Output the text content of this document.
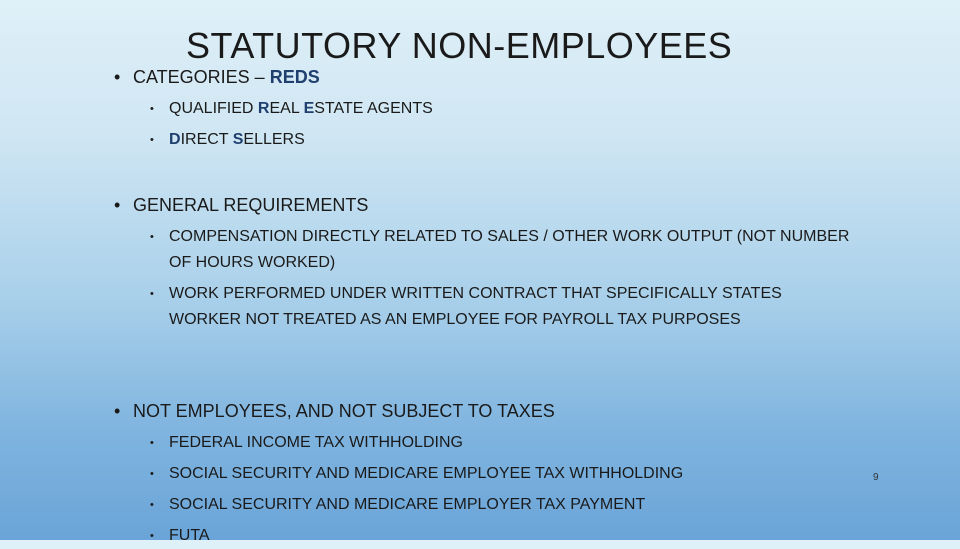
STATUTORY NON-EMPLOYEES
• CATEGORIES – REDS
• QUALIFIED REAL ESTATE AGENTS
• DIRECT SELLERS
• GENERAL REQUIREMENTS
• COMPENSATION DIRECTLY RELATED TO SALES / OTHER WORK OUTPUT (NOT NUMBER OF HOURS WORKED)
• WORK PERFORMED UNDER WRITTEN CONTRACT THAT SPECIFICALLY STATES WORKER NOT TREATED AS AN EMPLOYEE FOR PAYROLL TAX PURPOSES
• NOT EMPLOYEES, AND NOT SUBJECT TO TAXES
• FEDERAL INCOME TAX WITHHOLDING
• SOCIAL SECURITY AND MEDICARE EMPLOYEE TAX WITHHOLDING
• SOCIAL SECURITY AND MEDICARE EMPLOYER TAX PAYMENT
• FUTA
9
